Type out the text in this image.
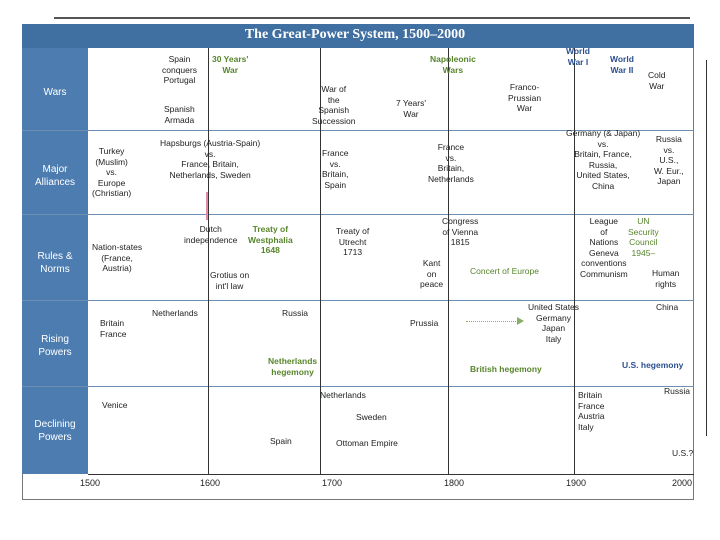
The Great-Power System, 1500–2000
Wars
Major Alliances
Rules & Norms
Rising Powers
Declining Powers
1500	1600	1700	1800	1900	2000
Spain
conquers
Portugal
30 Years'
War
Spanish
Armada
War of
the
Spanish
Succession
7 Years'
War
Napoleonic
Wars
Franco-
Prussian
War
World
War I	World
War II
Cold
War
Turkey
(Muslim)
vs.
Europe
(Christian)
Hapsburgs (Austria-Spain)
vs.
France, Britain,
Netherlands, Sweden
France
vs.
Britain,
Spain
France
vs.
Britain,
Netherlands
Germany (& Japan)
vs.
Britain, France,
Russia,
United States,
China
Russia
vs.
U.S.,
W. Eur.,
Japan
Nation-states
(France,
Austria)
Dutch
independence
Treaty of
Westphalia
1648
Grotius on
int'l law
Treaty of
Utrecht
1713
Kant
on
peace
Congress
of Vienna
1815
Concert of Europe
League
of
Nations
Geneva
conventions
Communism
UN
Security
Council
1945–
Human
rights
Britain
France
Netherlands	Russia
Netherlands
hegemony
Prussia
United States
Germany
Japan
Italy
British hegemony
China
U.S. hegemony
Venice
Spain
Netherlands
Sweden
Ottoman Empire
Britain
France
Austria
Italy
Russia
U.S.?
